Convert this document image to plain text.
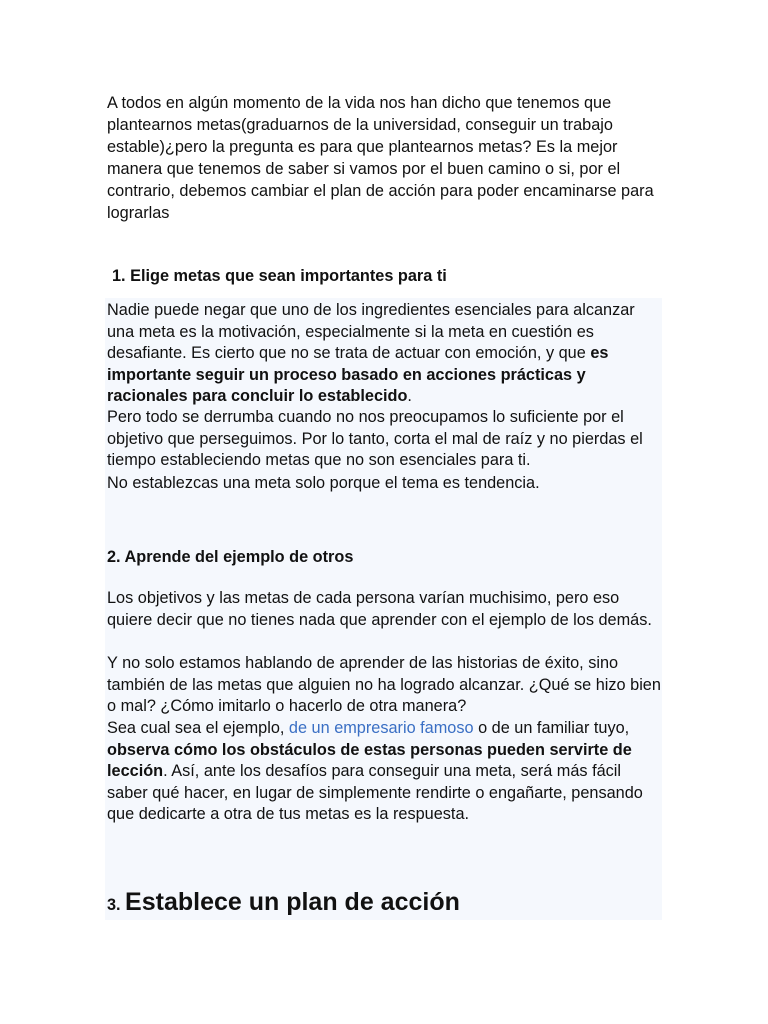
A todos en algún momento de la vida nos han dicho que tenemos que plantearnos metas(graduarnos de la universidad, conseguir un trabajo estable)¿pero la pregunta es para que plantearnos metas? Es la mejor manera que tenemos de saber si vamos por el buen camino o si, por el contrario, debemos cambiar el plan de acción para poder encaminarse para lograrlas

1. Elige metas que sean importantes para ti

Nadie puede negar que uno de los ingredientes esenciales para alcanzar una meta es la motivación, especialmente si la meta en cuestión es desafiante. Es cierto que no se trata de actuar con emoción, y que es importante seguir un proceso basado en acciones prácticas y racionales para concluir lo establecido.

Pero todo se derrumba cuando no nos preocupamos lo suficiente por el objetivo que perseguimos. Por lo tanto, corta el mal de raíz y no pierdas el tiempo estableciendo metas que no son esenciales para ti.

No establezcas una meta solo porque el tema es tendencia.

2. Aprende del ejemplo de otros

Los objetivos y las metas de cada persona varían muchisimo, pero eso quiere decir que no tienes nada que aprender con el ejemplo de los demás.

Y no solo estamos hablando de aprender de las historias de éxito, sino también de las metas que alguien no ha logrado alcanzar. ¿Qué se hizo bien o mal? ¿Cómo imitarlo o hacerlo de otra manera?

Sea cual sea el ejemplo, de un empresario famoso o de un familiar tuyo, observa cómo los obstáculos de estas personas pueden servirte de lección. Así, ante los desafíos para conseguir una meta, será más fácil saber qué hacer, en lugar de simplemente rendirte o engañarte, pensando que dedicarte a otra de tus metas es la respuesta.

3. Establece un plan de acción
